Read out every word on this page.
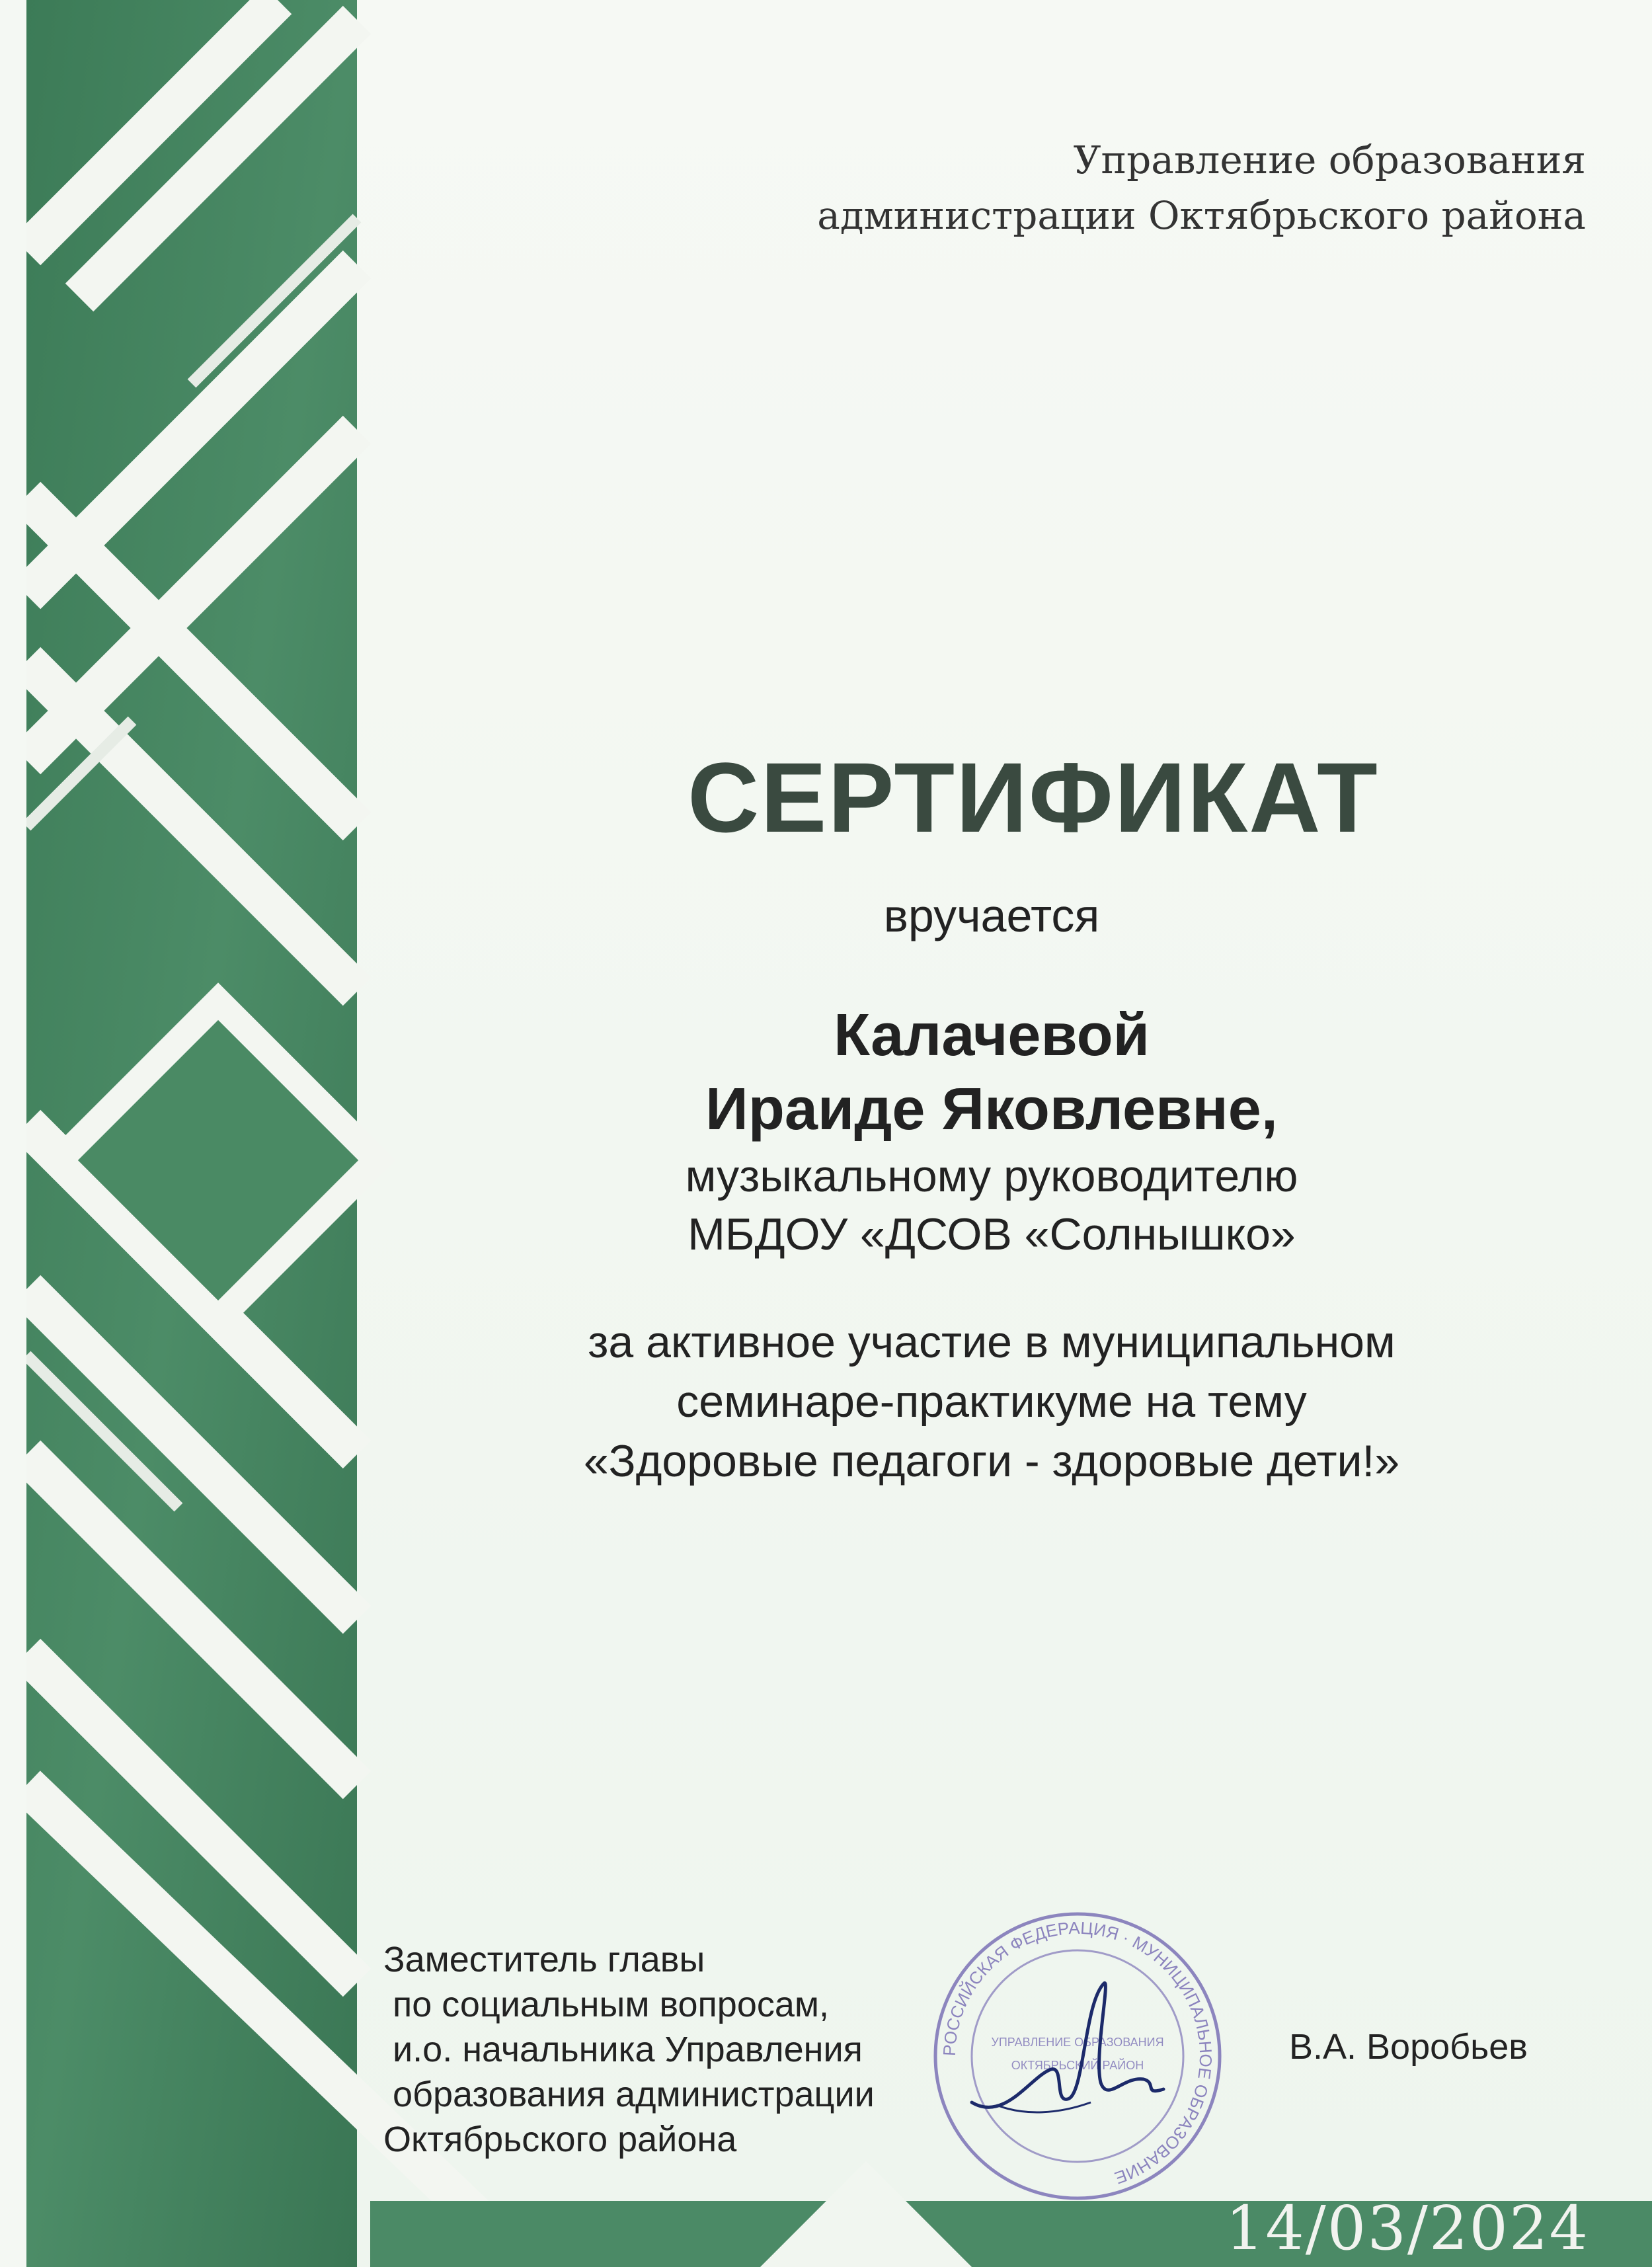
Управление образования
администрации Октябрьского района
СЕРТИФИКАТ
вручается
Калачевой
Ираиде Яковлевне,
музыкальному руководителю
МБДОУ «ДСОВ «Солнышко»
за активное участие в муниципальном
семинаре-практикуме на тему
«Здоровые педагоги - здоровые дети!»
Заместитель главы
по социальным вопросам,
и.о. начальника Управления
образования администрации
Октябрьского района
РОССИЙСКАЯ ФЕДЕРАЦИЯ · МУНИЦИПАЛЬНОЕ ОБРАЗОВАНИЕ
УПРАВЛЕНИЕ ОБРАЗОВАНИЯ
ОКТЯБРЬСКИЙ РАЙОН	В.А. Воробьев
14/03/2024
